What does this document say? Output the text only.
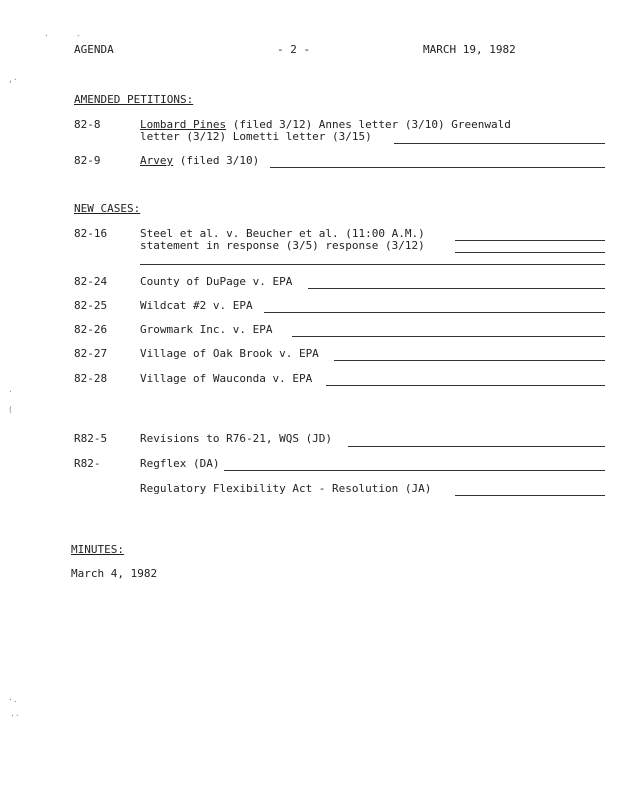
AGENDA	- 2 -	MARCH 19, 1982
AMENDED PETITIONS:
82-8	Lombard Pines (filed 3/12) Annes letter (3/10) Greenwald
letter (3/12) Lometti letter (3/15)
82-9	Arvey (filed 3/10)
NEW CASES:
82-16	Steel et al. v. Beucher et al. (11:00 A.M.)
statement in response (3/5) response (3/12)
82-24	County of DuPage v. EPA
82-25	Wildcat #2 v. EPA
82-26	Growmark Inc. v. EPA
82-27	Village of Oak Brook v. EPA
82-28	Village of Wauconda v. EPA
R82-5	Revisions to R76-21, WQS (JD)
R82-	Regflex (DA)
Regulatory Flexibility Act - Resolution (JA)
MINUTES:
March 4, 1982
-
·
,·
.
(
·.
··
